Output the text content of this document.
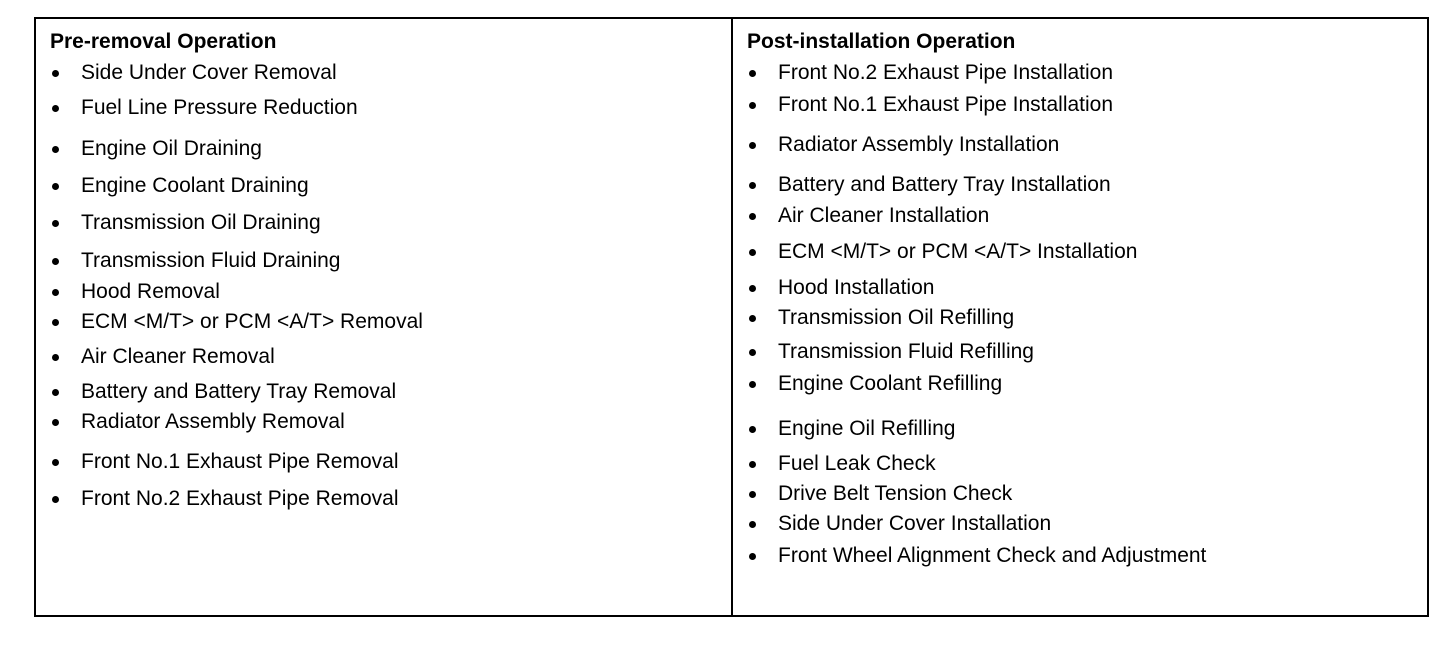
Pre-removal Operation
Side Under Cover Removal
Fuel Line Pressure Reduction
Engine Oil Draining
Engine Coolant Draining
Transmission Oil Draining
Transmission Fluid Draining
Hood Removal
ECM <M/T> or PCM <A/T> Removal
Air Cleaner Removal
Battery and Battery Tray Removal
Radiator Assembly Removal
Front No.1 Exhaust Pipe Removal
Front No.2 Exhaust Pipe Removal
Post-installation Operation
Front No.2 Exhaust Pipe Installation
Front No.1 Exhaust Pipe Installation
Radiator Assembly Installation
Battery and Battery Tray Installation
Air Cleaner Installation
ECM <M/T> or PCM <A/T> Installation
Hood Installation
Transmission Oil Refilling
Transmission Fluid Refilling
Engine Coolant Refilling
Engine Oil Refilling
Fuel Leak Check
Drive Belt Tension Check
Side Under Cover Installation
Front Wheel Alignment Check and Adjustment
